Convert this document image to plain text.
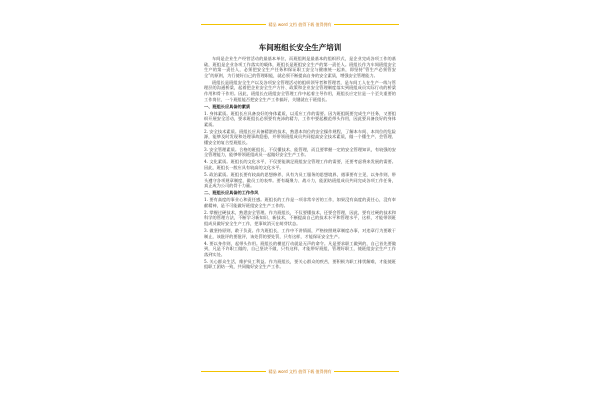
精品 word 文档 值得下载 值得拥有
车间班组长安全生产培训

车间是企业生产经营活动的最基本单位，而班组则是最基本的组织形式，是企业完成各项工作的基础，班组是企业各项工作落实的载体，班组长是班组安全生产的第一责任人。班组长作为车间班组安全生产的第一责任人，必须把安全生产任务和保证职工安全与健康统一起来，即坚持“管生产必须管安全”的原则，为行使好自己的管理职能，就必须不断提高自身的安全素质，增强安全管理能力。

班组长是班组安全生产以及各项安全管理活动的组织领导者和管理者，是车间工人在生产一线与管理层的沟通桥梁，起着把企业安全生产方针、政策和企业安全管理制度落实到班组成员实际行动的桥梁作用和骨干作用。因此，班组长在班组安全管理工作中起着主导作用，班组长应定位是一个至关重要的工作岗位，一个班组能否把安全生产工作搞好，关键就在于班组长。

一、班组长应具备的素质

1. 身体素质。班组长应具备良好的身体素质，以适应工作的需要。因为班组既要完成生产任务，又要组织开展安全活动，要求班组长必须要有充沛的精力，工作中要起模范带头作用，因此要具备良好的身体素质。

2. 安全技术素质。班组长应具备精湛的技术，熟悉本岗位的安全操作规程，了解本车间、本岗位的危险源，能够及时发现和处理事故隐患，并带领班组成员共同提高安全技术素质，做一个懂生产、会管理、懂安全的复合型班组长。

3. 安全管理素质。合格的班组长，不仅懂技术、能管理，而且要掌握一定的安全管理知识，有较强的安全管理能力，能够带领班组成员一起做好安全生产工作。

4. 文化素质。班组长的文化水平，不仅要能满足班组安全管理工作的需要，还要考虑将来发展的需要。因此，班组长一般应具有较高的文化水平。

5. 政治素质。班组长要有较高的思想修养，具有为员工服务的思想境界，遇事要有主见，以身作则，带头遵守各项规章制度，做员工的表率。要有凝聚力、战斗力，能团结班组成员共同完成各项工作任务，真正成为公司的骨干力量。

二、班组长应具备的工作作风

1. 要有高度的事业心和责任感。班组长的工作是一项非常辛苦的工作，如果没有高度的责任心，没有奉献精神，是不可能做好班组安全生产工作的。

2. 掌握过硬技术，熟悉安全管理。作为班组长，不仅要懂技术，还要会管理，因此，要有过硬的技术和科学的管理方法，不断学习新知识、新技术，不断提高自己的技术水平和管理水平，这样，才能带领班组成员做好安全生产工作，把事故消灭在萌芽状态。

3. 做坚持原则，敢于负责。作为班组长，工作中不讲情面，严格按照规章制度办事，对违章行为要敢于制止，该批评的要批评，该处罚的要处罚，只有这样，才能保证安全生产。

4. 要以身作则，起带头作用。班组长的模范行动就是无声的命令。凡是要求职工做到的，自己首先要做到，凡是不许职工做的，自己坚决不做，只有这样，才能带好班组，管理好职工，使班组安全生产工作落到实处。

5. 关心群众生活，维护员工利益。作为班组长，要关心群众的疾苦，要积极为职工排忧解难，才能使班组职工团结一致，共同做好安全生产工作。

精品 word 文档 值得下载 值得拥有
